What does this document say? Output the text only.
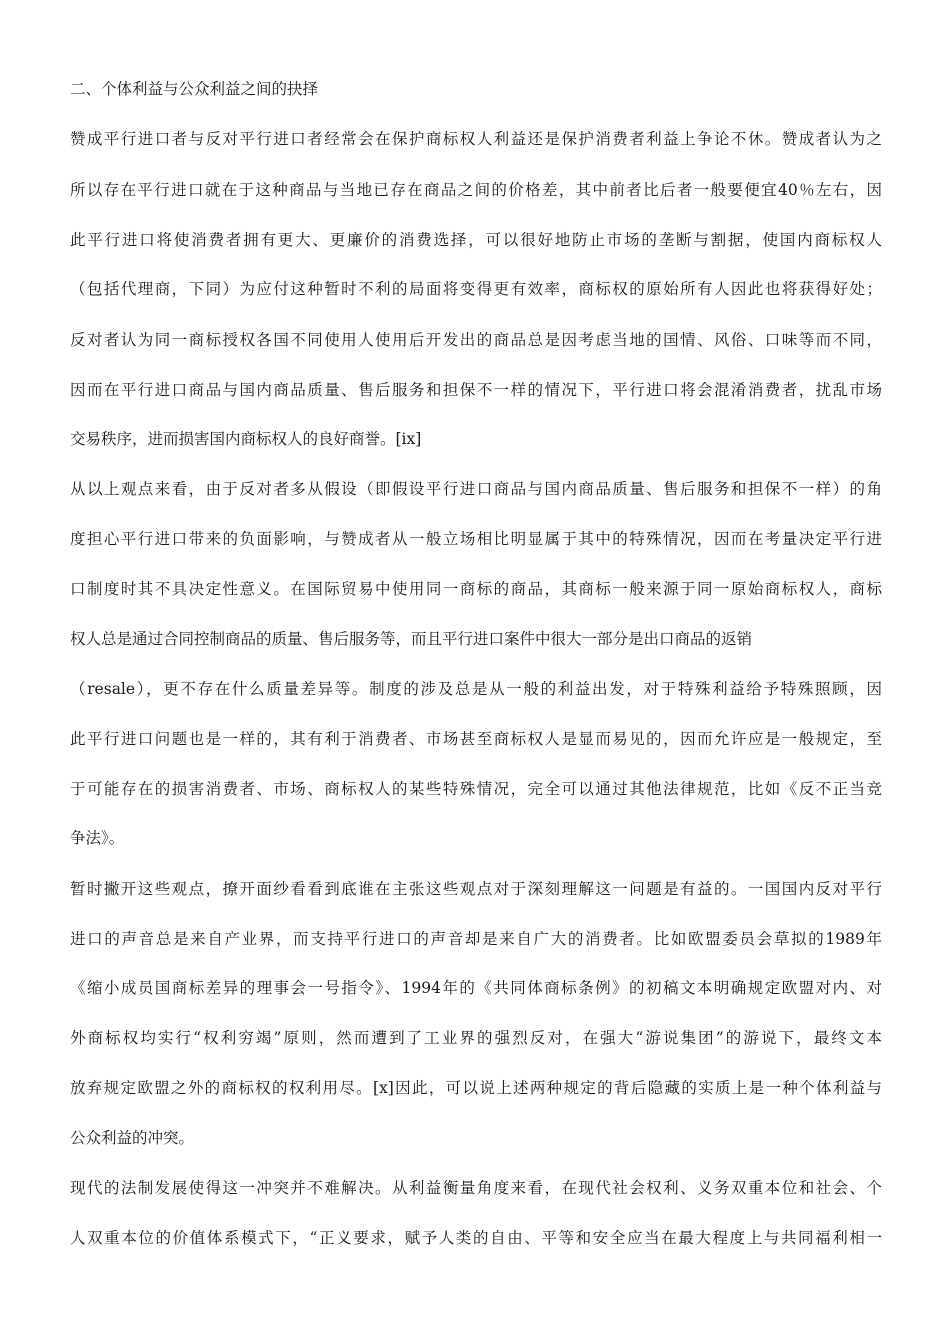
二、个体利益与公众利益之间的抉择
赞成平行进口者与反对平行进口者经常会在保护商标权人利益还是保护消费者利益上争论不休。赞成者认为之
所以存在平行进口就在于这种商品与当地已存在商品之间的价格差，其中前者比后者一般要便宜40％左右，因
此平行进口将使消费者拥有更大、更廉价的消费选择，可以很好地防止市场的垄断与割据，使国内商标权人
（包括代理商，下同）为应付这种暂时不利的局面将变得更有效率，商标权的原始所有人因此也将获得好处；
反对者认为同一商标授权各国不同使用人使用后开发出的商品总是因考虑当地的国情、风俗、口味等而不同，
因而在平行进口商品与国内商品质量、售后服务和担保不一样的情况下，平行进口将会混淆消费者，扰乱市场
交易秩序，进而损害国内商标权人的良好商誉。[ix]
从以上观点来看，由于反对者多从假设（即假设平行进口商品与国内商品质量、售后服务和担保不一样）的角
度担心平行进口带来的负面影响，与赞成者从一般立场相比明显属于其中的特殊情况，因而在考量决定平行进
口制度时其不具决定性意义。在国际贸易中使用同一商标的商品，其商标一般来源于同一原始商标权人，商标
权人总是通过合同控制商品的质量、售后服务等，而且平行进口案件中很大一部分是出口商品的返销
（resale），更不存在什么质量差异等。制度的涉及总是从一般的利益出发，对于特殊利益给予特殊照顾，因
此平行进口问题也是一样的，其有利于消费者、市场甚至商标权人是显而易见的，因而允许应是一般规定，至
于可能存在的损害消费者、市场、商标权人的某些特殊情况，完全可以通过其他法律规范，比如《反不正当竞
争法》。
暂时撇开这些观点，撩开面纱看看到底谁在主张这些观点对于深刻理解这一问题是有益的。一国国内反对平行
进口的声音总是来自产业界，而支持平行进口的声音却是来自广大的消费者。比如欧盟委员会草拟的1989年
《缩小成员国商标差异的理事会一号指令》、1994年的《共同体商标条例》的初稿文本明确规定欧盟对内、对
外商标权均实行“权利穷竭”原则，然而遭到了工业界的强烈反对，在强大“游说集团”的游说下，最终文本
放弃规定欧盟之外的商标权的权利用尽。[x]因此，可以说上述两种规定的背后隐藏的实质上是一种个体利益与
公众利益的冲突。
现代的法制发展使得这一冲突并不难解决。从利益衡量角度来看，在现代社会权利、义务双重本位和社会、个
人双重本位的价值体系模式下，“正义要求，赋予人类的自由、平等和安全应当在最大程度上与共同福利相一
